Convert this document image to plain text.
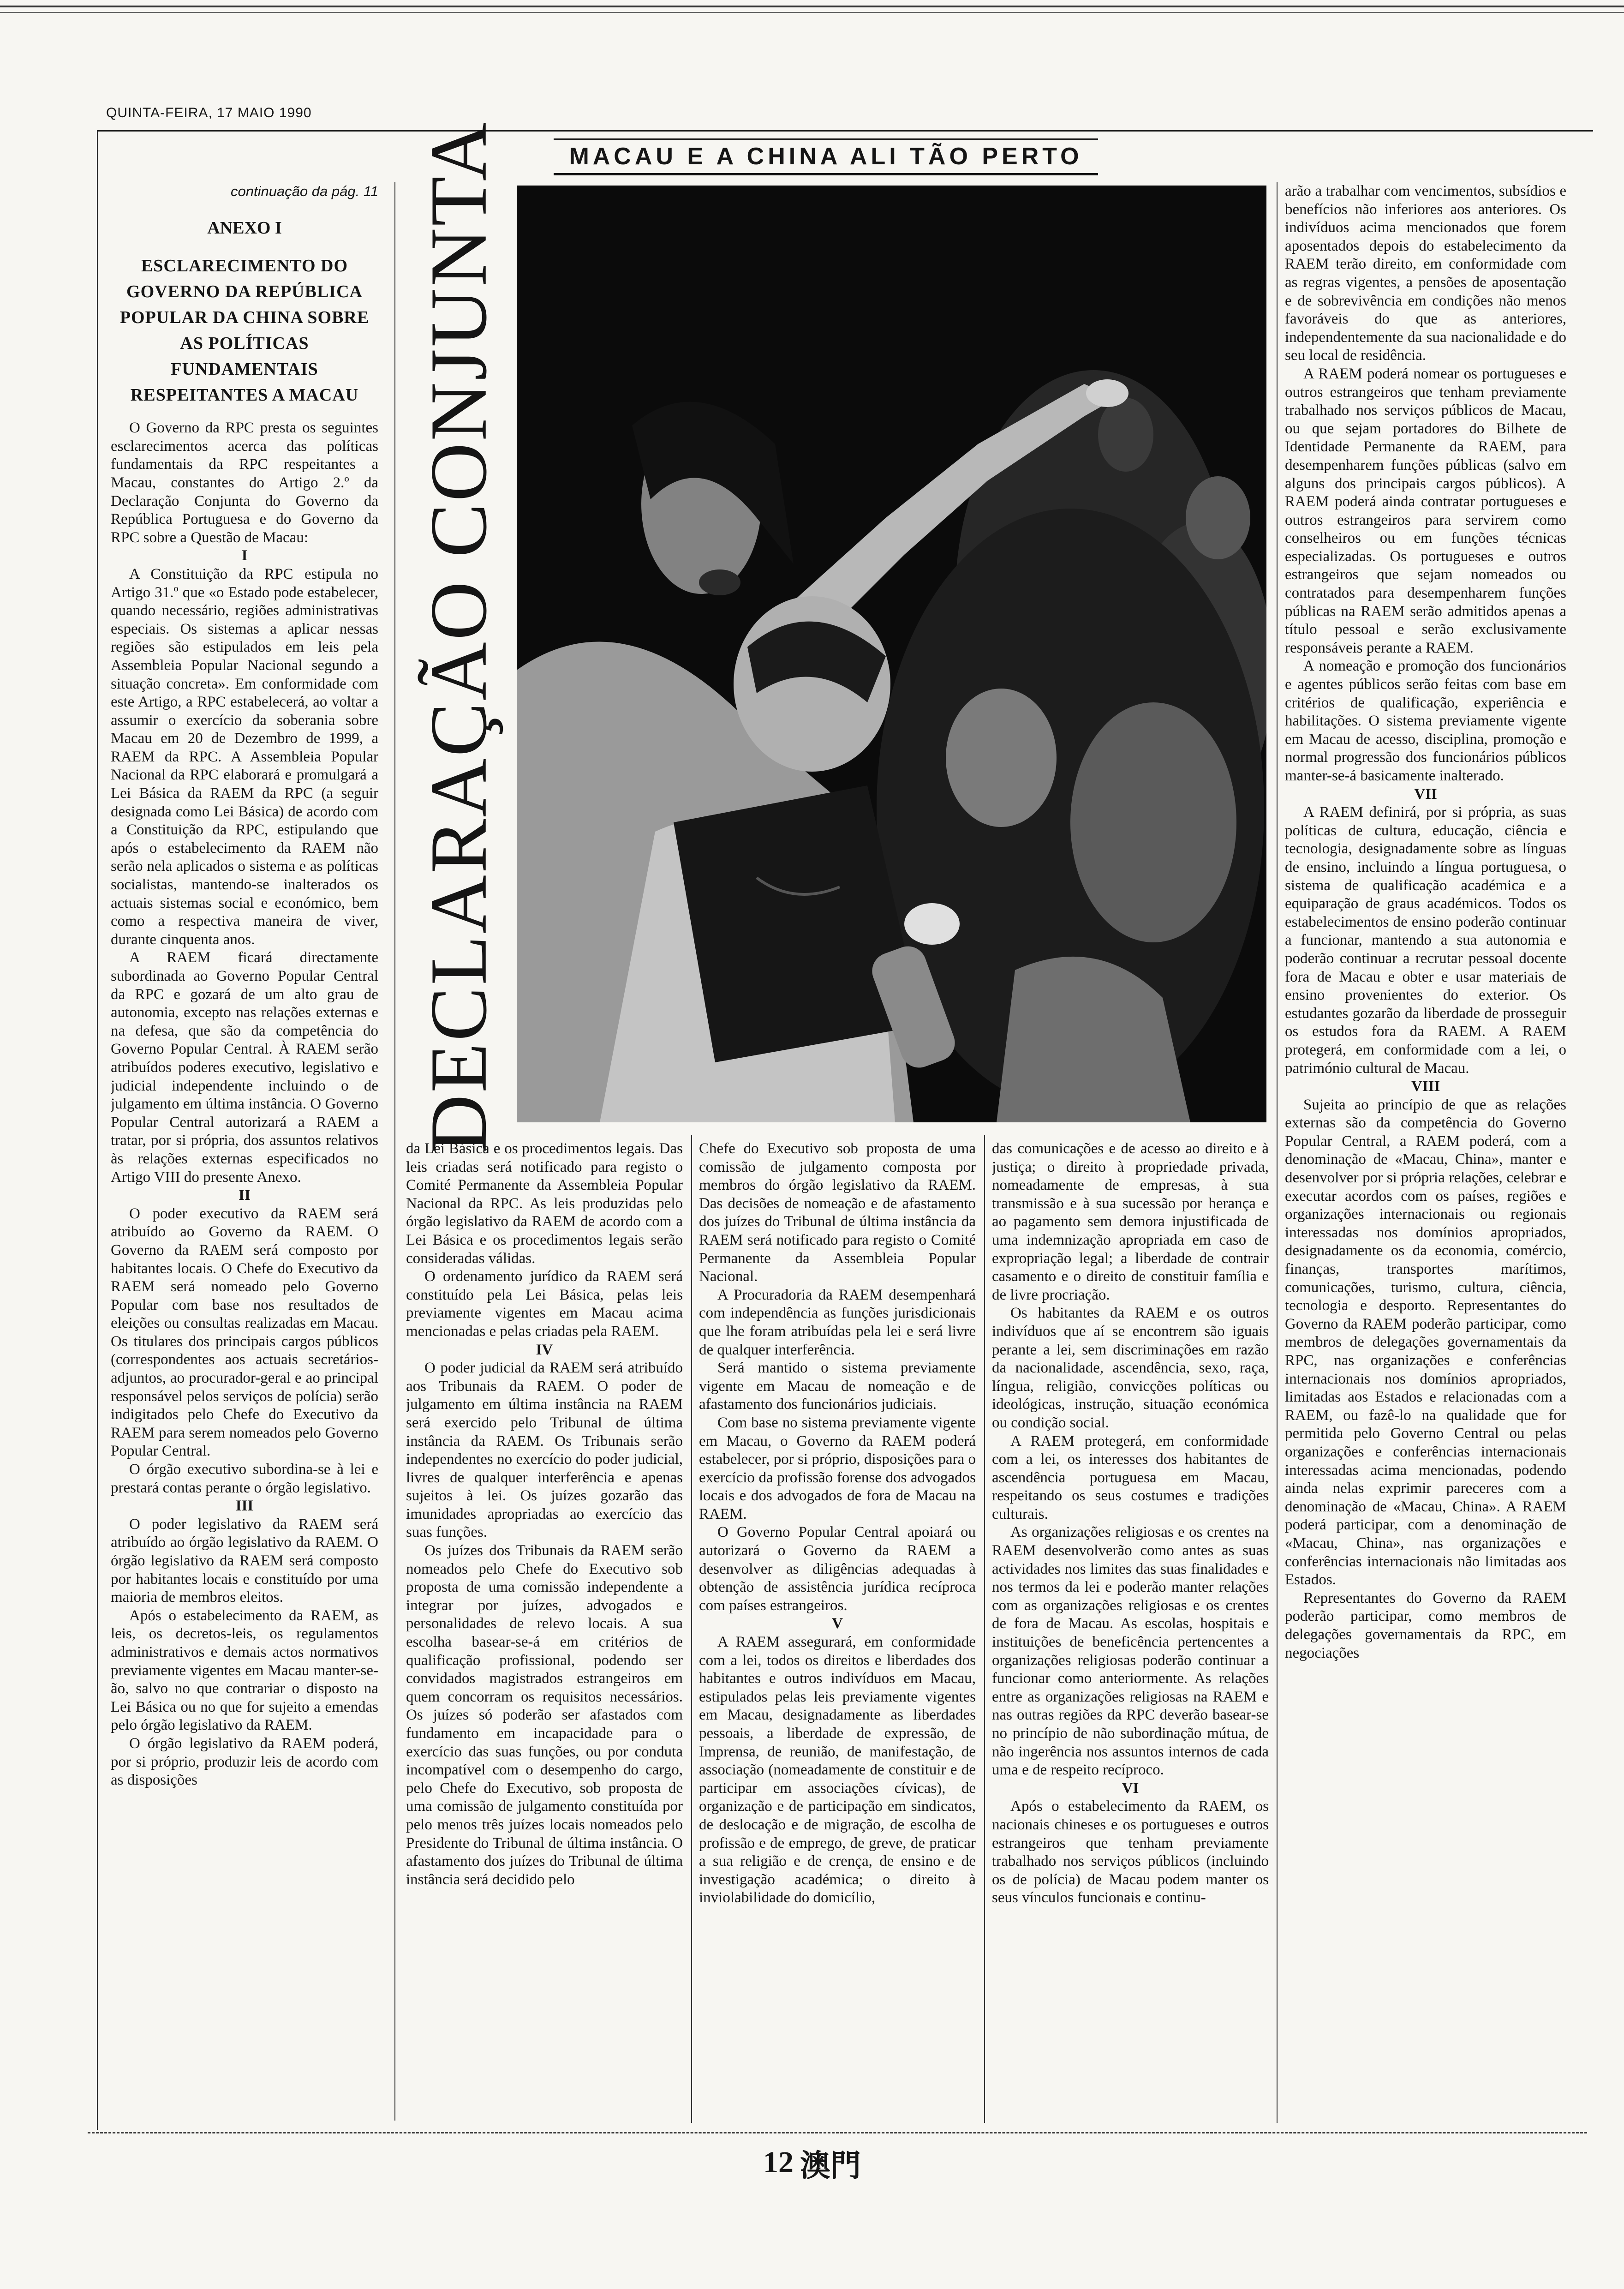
QUINTA-FEIRA, 17 MAIO 1990
MACAU E A CHINA ALI TÃO PERTO
DECLARAÇÃO CONJUNTA
continuação da pág. 11
ANEXO I
ESCLARECIMENTO DO GOVERNO DA REPÚBLICA POPULAR DA CHINA SOBRE AS POLÍTICAS FUNDAMENTAIS RESPEITANTES A MACAU

O Governo da RPC presta os seguintes esclarecimentos acerca das políticas fundamentais da RPC respeitantes a Macau, constantes do Artigo 2.º da Declaração Conjunta do Governo da República Portuguesa e do Governo da RPC sobre a Questão de Macau:

I

A Constituição da RPC estipula no Artigo 31.º que «o Estado pode estabelecer, quando necessário, regiões administrativas especiais. Os sistemas a aplicar nessas regiões são estipulados em leis pela Assembleia Popular Nacional segundo a situação concreta». Em conformidade com este Artigo, a RPC estabelecerá, ao voltar a assumir o exercício da soberania sobre Macau em 20 de Dezembro de 1999, a RAEM da RPC. A Assembleia Popular Nacional da RPC elaborará e promulgará a Lei Básica da RAEM da RPC (a seguir designada como Lei Básica) de acordo com a Constituição da RPC, estipulando que após o estabelecimento da RAEM não serão nela aplicados o sistema e as políticas socialistas, mantendo-se inalterados os actuais sistemas social e económico, bem como a respectiva maneira de viver, durante cinquenta anos.

A RAEM ficará directamente subordinada ao Governo Popular Central da RPC e gozará de um alto grau de autonomia, excepto nas relações externas e na defesa, que são da competência do Governo Popular Central. À RAEM serão atribuídos poderes executivo, legislativo e judicial independente incluindo o de julgamento em última instância. O Governo Popular Central autorizará a RAEM a tratar, por si própria, dos assuntos relativos às relações externas especificados no Artigo VIII do presente Anexo.

II

O poder executivo da RAEM será atribuído ao Governo da RAEM. O Governo da RAEM será composto por habitantes locais. O Chefe do Executivo da RAEM será nomeado pelo Governo Popular com base nos resultados de eleições ou consultas realizadas em Macau. Os titulares dos principais cargos públicos (correspondentes aos actuais secretários-adjuntos, ao procurador-geral e ao principal responsável pelos serviços de polícia) serão indigitados pelo Chefe do Executivo da RAEM para serem nomeados pelo Governo Popular Central.

O órgão executivo subordina-se à lei e prestará contas perante o órgão legislativo.

III

O poder legislativo da RAEM será atribuído ao órgão legislativo da RAEM. O órgão legislativo da RAEM será composto por habitantes locais e constituído por uma maioria de membros eleitos.

Após o estabelecimento da RAEM, as leis, os decretos-leis, os regulamentos administrativos e demais actos normativos previamente vigentes em Macau manter-se-ão, salvo no que contrariar o disposto na Lei Básica ou no que for sujeito a emendas pelo órgão legislativo da RAEM.

O órgão legislativo da RAEM poderá, por si próprio, produzir leis de acordo com as disposições

da Lei Básica e os procedimentos legais. Das leis criadas será notificado para registo o Comité Permanente da Assembleia Popular Nacional da RPC. As leis produzidas pelo órgão legislativo da RAEM de acordo com a Lei Básica e os procedimentos legais serão consideradas válidas.

O ordenamento jurídico da RAEM será constituído pela Lei Básica, pelas leis previamente vigentes em Macau acima mencionadas e pelas criadas pela RAEM.

IV

O poder judicial da RAEM será atribuído aos Tribunais da RAEM. O poder de julgamento em última instância na RAEM será exercido pelo Tribunal de última instância da RAEM. Os Tribunais serão independentes no exercício do poder judicial, livres de qualquer interferência e apenas sujeitos à lei. Os juízes gozarão das imunidades apropriadas ao exercício das suas funções.

Os juízes dos Tribunais da RAEM serão nomeados pelo Chefe do Executivo sob proposta de uma comissão independente a integrar por juízes, advogados e personalidades de relevo locais. A sua escolha basear-se-á em critérios de qualificação profissional, podendo ser convidados magistrados estrangeiros em quem concorram os requisitos necessários. Os juízes só poderão ser afastados com fundamento em incapacidade para o exercício das suas funções, ou por conduta incompatível com o desempenho do cargo, pelo Chefe do Executivo, sob proposta de uma comissão de julgamento constituída por pelo menos três juízes locais nomeados pelo Presidente do Tribunal de última instância. O afastamento dos juízes do Tribunal de última instância será decidido pelo

Chefe do Executivo sob proposta de uma comissão de julgamento composta por membros do órgão legislativo da RAEM. Das decisões de nomeação e de afastamento dos juízes do Tribunal de última instância da RAEM será notificado para registo o Comité Permanente da Assembleia Popular Nacional.

A Procuradoria da RAEM desempenhará com independência as funções jurisdicionais que lhe foram atribuídas pela lei e será livre de qualquer interferência.

Será mantido o sistema previamente vigente em Macau de nomeação e de afastamento dos funcionários judiciais.

Com base no sistema previamente vigente em Macau, o Governo da RAEM poderá estabelecer, por si próprio, disposições para o exercício da profissão forense dos advogados locais e dos advogados de fora de Macau na RAEM.

O Governo Popular Central apoiará ou autorizará o Governo da RAEM a desenvolver as diligências adequadas à obtenção de assistência jurídica recíproca com países estrangeiros.

V

A RAEM assegurará, em conformidade com a lei, todos os direitos e liberdades dos habitantes e outros indivíduos em Macau, estipulados pelas leis previamente vigentes em Macau, designadamente as liberdades pessoais, a liberdade de expressão, de Imprensa, de reunião, de manifestação, de associação (nomeadamente de constituir e de participar em associações cívicas), de organização e de participação em sindicatos, de deslocação e de migração, de escolha de profissão e de emprego, de greve, de praticar a sua religião e de crença, de ensino e de investigação académica; o direito à inviolabilidade do domicílio,

das comunicações e de acesso ao direito e à justiça; o direito à propriedade privada, nomeadamente de empresas, à sua transmissão e à sua sucessão por herança e ao pagamento sem demora injustificada de uma indemnização apropriada em caso de expropriação legal; a liberdade de contrair casamento e o direito de constituir família e de livre procriação.

Os habitantes da RAEM e os outros indivíduos que aí se encontrem são iguais perante a lei, sem discriminações em razão da nacionalidade, ascendência, sexo, raça, língua, religião, convicções políticas ou ideológicas, instrução, situação económica ou condição social.

A RAEM protegerá, em conformidade com a lei, os interesses dos habitantes de ascendência portuguesa em Macau, respeitando os seus costumes e tradições culturais.

As organizações religiosas e os crentes na RAEM desenvolverão como antes as suas actividades nos limites das suas finalidades e nos termos da lei e poderão manter relações com as organizações religiosas e os crentes de fora de Macau. As escolas, hospitais e instituições de beneficência pertencentes a organizações religiosas poderão continuar a funcionar como anteriormente. As relações entre as organizações religiosas na RAEM e nas outras regiões da RPC deverão basear-se no princípio de não subordinação mútua, de não ingerência nos assuntos internos de cada uma e de respeito recíproco.

VI

Após o estabelecimento da RAEM, os nacionais chineses e os portugueses e outros estrangeiros que tenham previamente trabalhado nos serviços públicos (incluindo os de polícia) de Macau podem manter os seus vínculos funcionais e continu-

arão a trabalhar com vencimentos, subsídios e benefícios não inferiores aos anteriores. Os indivíduos acima mencionados que forem aposentados depois do estabelecimento da RAEM terão direito, em conformidade com as regras vigentes, a pensões de aposentação e de sobrevivência em condições não menos favoráveis do que as anteriores, independentemente da sua nacionalidade e do seu local de residência.

A RAEM poderá nomear os portugueses e outros estrangeiros que tenham previamente trabalhado nos serviços públicos de Macau, ou que sejam portadores do Bilhete de Identidade Permanente da RAEM, para desempenharem funções públicas (salvo em alguns dos principais cargos públicos). A RAEM poderá ainda contratar portugueses e outros estrangeiros para servirem como conselheiros ou em funções técnicas especializadas. Os portugueses e outros estrangeiros que sejam nomeados ou contratados para desempenharem funções públicas na RAEM serão admitidos apenas a título pessoal e serão exclusivamente responsáveis perante a RAEM.

A nomeação e promoção dos funcionários e agentes públicos serão feitas com base em critérios de qualificação, experiência e habilitações. O sistema previamente vigente em Macau de acesso, disciplina, promoção e normal progressão dos funcionários públicos manter-se-á basicamente inalterado.

VII

A RAEM definirá, por si própria, as suas políticas de cultura, educação, ciência e tecnologia, designadamente sobre as línguas de ensino, incluindo a língua portuguesa, o sistema de qualificação académica e a equiparação de graus académicos. Todos os estabelecimentos de ensino poderão continuar a funcionar, mantendo a sua autonomia e poderão continuar a recrutar pessoal docente fora de Macau e obter e usar materiais de ensino provenientes do exterior. Os estudantes gozarão da liberdade de prosseguir os estudos fora da RAEM. A RAEM protegerá, em conformidade com a lei, o património cultural de Macau.

VIII

Sujeita ao princípio de que as relações externas são da competência do Governo Popular Central, a RAEM poderá, com a denominação de «Macau, China», manter e desenvolver por si própria relações, celebrar e executar acordos com os países, regiões e organizações internacionais ou regionais interessadas nos domínios apropriados, designadamente os da economia, comércio, finanças, transportes marítimos, comunicações, turismo, cultura, ciência, tecnologia e desporto. Representantes do Governo da RAEM poderão participar, como membros de delegações governamentais da RPC, nas organizações e conferências internacionais nos domínios apropriados, limitadas aos Estados e relacionadas com a RAEM, ou fazê-lo na qualidade que for permitida pelo Governo Central ou pelas organizações e conferências internacionais interessadas acima mencionadas, podendo ainda nelas exprimir pareceres com a denominação de «Macau, China». A RAEM poderá participar, com a denominação de «Macau, China», nas organizações e conferências internacionais não limitadas aos Estados.

Representantes do Governo da RAEM poderão participar, como membros de delegações governamentais da RPC, em negociações

12 澳門
